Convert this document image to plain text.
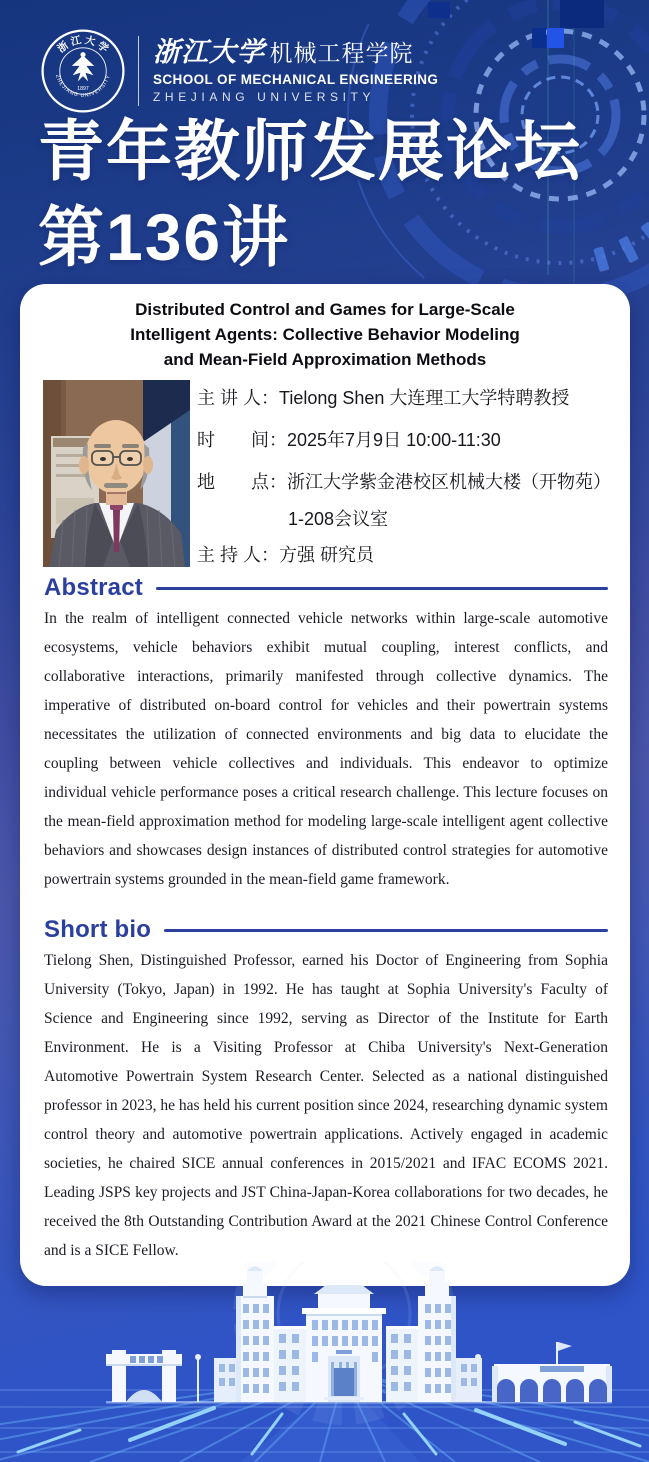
浙 江 大 学
ZHEJIANG UNIVERSITY
1897
浙江大学 机械工程学院
SCHOOL OF MECHANICAL ENGINEERING
ZHEJIANG UNIVERSITY
青年教师发展论坛
第136讲
Distributed Control and Games for Large-Scale
Intelligent Agents: Collective Behavior Modeling
and Mean-Field Approximation Methods
主 讲 人：Tielong Shen 大连理工大学特聘教授
时　　间：2025年7月9日 10:00-11:30
地　　点：浙江大学紫金港校区机械大楼（开物苑）
1-208会议室
主 持 人：方强 研究员
Abstract

In the realm of intelligent connected vehicle networks within large-scale automotive ecosystems, vehicle behaviors exhibit mutual coupling, interest conflicts, and collaborative interactions, primarily manifested through collective dynamics. The imperative of distributed on-board control for vehicles and their powertrain systems necessitates the utilization of connected environments and big data to elucidate the coupling between vehicle collectives and individuals. This endeavor to optimize individual vehicle performance poses a critical research challenge. This lecture focuses on the mean-field approximation method for modeling large-scale intelligent agent collective behaviors and showcases design instances of distributed control strategies for automotive powertrain systems grounded in the mean-field game framework.

Short bio

Tielong Shen, Distinguished Professor, earned his Doctor of Engineering from Sophia University (Tokyo, Japan) in 1992. He has taught at Sophia University's Faculty of Science and Engineering since 1992, serving as Director of the Institute for Earth Environment. He is a Visiting Professor at Chiba University's Next-Generation Automotive Powertrain System Research Center. Selected as a national distinguished professor in 2023, he has held his current position since 2024, researching dynamic system control theory and automotive powertrain applications. Actively engaged in academic societies, he chaired SICE annual conferences in 2015/2021 and IFAC ECOMS 2021. Leading JSPS key projects and JST China-Japan-Korea collaborations for two decades, he received the 8th Outstanding Contribution Award at the 2021 Chinese Control Conference and is a SICE Fellow.
